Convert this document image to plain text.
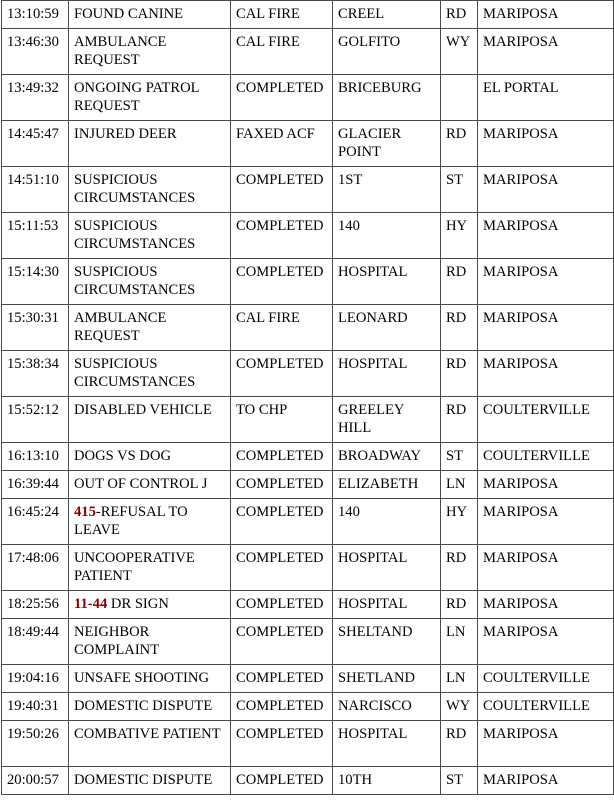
13:10:59	FOUND CANINE	CAL FIRE	CREEL	RD	MARIPOSA
13:46:30	AMBULANCE REQUEST	CAL FIRE	GOLFITO	WY	MARIPOSA
13:49:32	ONGOING PATROL REQUEST	COMPLETED	BRICEBURG		EL PORTAL
14:45:47	INJURED DEER	FAXED ACF	GLACIER POINT	RD	MARIPOSA
14:51:10	SUSPICIOUS CIRCUMSTANCES	COMPLETED	1ST	ST	MARIPOSA
15:11:53	SUSPICIOUS CIRCUMSTANCES	COMPLETED	140	HY	MARIPOSA
15:14:30	SUSPICIOUS CIRCUMSTANCES	COMPLETED	HOSPITAL	RD	MARIPOSA
15:30:31	AMBULANCE REQUEST	CAL FIRE	LEONARD	RD	MARIPOSA
15:38:34	SUSPICIOUS CIRCUMSTANCES	COMPLETED	HOSPITAL	RD	MARIPOSA
15:52:12	DISABLED VEHICLE	TO CHP	GREELEY HILL	RD	COULTERVILLE
16:13:10	DOGS VS DOG	COMPLETED	BROADWAY	ST	COULTERVILLE
16:39:44	OUT OF CONTROL J	COMPLETED	ELIZABETH	LN	MARIPOSA
16:45:24	415-REFUSAL TO LEAVE	COMPLETED	140	HY	MARIPOSA
17:48:06	UNCOOPERATIVE PATIENT	COMPLETED	HOSPITAL	RD	MARIPOSA
18:25:56	11-44 DR SIGN	COMPLETED	HOSPITAL	RD	MARIPOSA
18:49:44	NEIGHBOR COMPLAINT	COMPLETED	SHELTAND	LN	MARIPOSA
19:04:16	UNSAFE SHOOTING	COMPLETED	SHETLAND	LN	COULTERVILLE
19:40:31	DOMESTIC DISPUTE	COMPLETED	NARCISCO	WY	COULTERVILLE
19:50:26	COMBATIVE PATIENT	COMPLETED	HOSPITAL	RD	MARIPOSA
20:00:57	DOMESTIC DISPUTE	COMPLETED	10TH	ST	MARIPOSA
